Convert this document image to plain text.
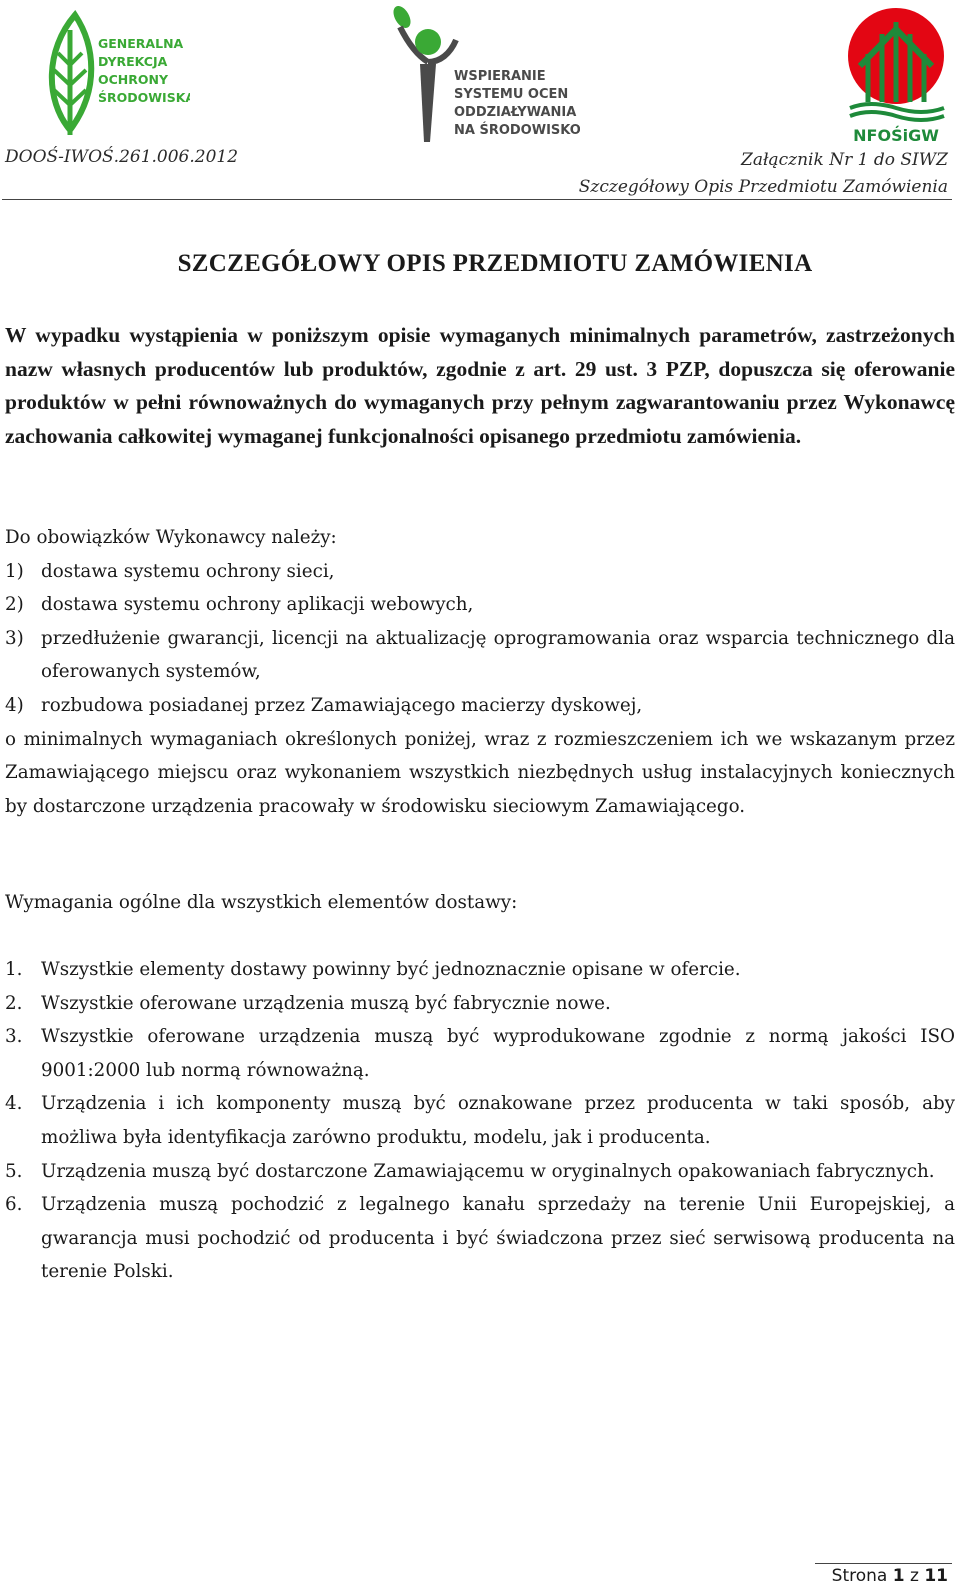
GENERALNA
DYREKCJA
OCHRONY
ŚRODOWISKA
WSPIERANIE
SYSTEMU OCEN
ODDZIAŁYWANIA
NA ŚRODOWISKO	NFOŚiGW
DOOŚ-IWOŚ.261.006.2012	Załącznik Nr 1 do SIWZ
Szczegółowy Opis Przedmiotu Zamówienia
SZCZEGÓŁOWY OPIS PRZEDMIOTU ZAMÓWIENIA

W wypadku wystąpienia w poniższym opisie wymaganych minimalnych parametrów, zastrzeżonych nazw własnych producentów lub produktów, zgodnie z art. 29 ust. 3 PZP, dopuszcza się oferowanie produktów w pełni równoważnych do wymaganych przy pełnym zagwarantowaniu przez Wykonawcę zachowania całkowitej wymaganej funkcjonalności opisanego przedmiotu zamówienia.

Do obowiązków Wykonawcy należy:

1) dostawa systemu ochrony sieci,
2) dostawa systemu ochrony aplikacji webowych,
3) przedłużenie gwarancji, licencji na aktualizację oprogramowania oraz wsparcia technicznego dla oferowanych systemów,
4) rozbudowa posiadanej przez Zamawiającego macierzy dyskowej,

o minimalnych wymaganiach określonych poniżej, wraz z rozmieszczeniem ich we wskazanym przez Zamawiającego miejscu oraz wykonaniem wszystkich niezbędnych usług instalacyjnych koniecznych by dostarczone urządzenia pracowały w środowisku sieciowym Zamawiającego.

Wymagania ogólne dla wszystkich elementów dostawy:

1. Wszystkie elementy dostawy powinny być jednoznacznie opisane w ofercie.
2. Wszystkie oferowane urządzenia muszą być fabrycznie nowe.
3. Wszystkie oferowane urządzenia muszą być wyprodukowane zgodnie z normą jakości ISO 9001:2000 lub normą równoważną.
4. Urządzenia i ich komponenty muszą być oznakowane przez producenta w taki sposób, aby możliwa była identyfikacja zarówno produktu, modelu, jak i producenta.
5. Urządzenia muszą być dostarczone Zamawiającemu w oryginalnych opakowaniach fabrycznych.
6. Urządzenia muszą pochodzić z legalnego kanału sprzedaży na terenie Unii Europejskiej, a gwarancja musi pochodzić od producenta i być świadczona przez sieć serwisową producenta na terenie Polski.
Strona 1 z 11
